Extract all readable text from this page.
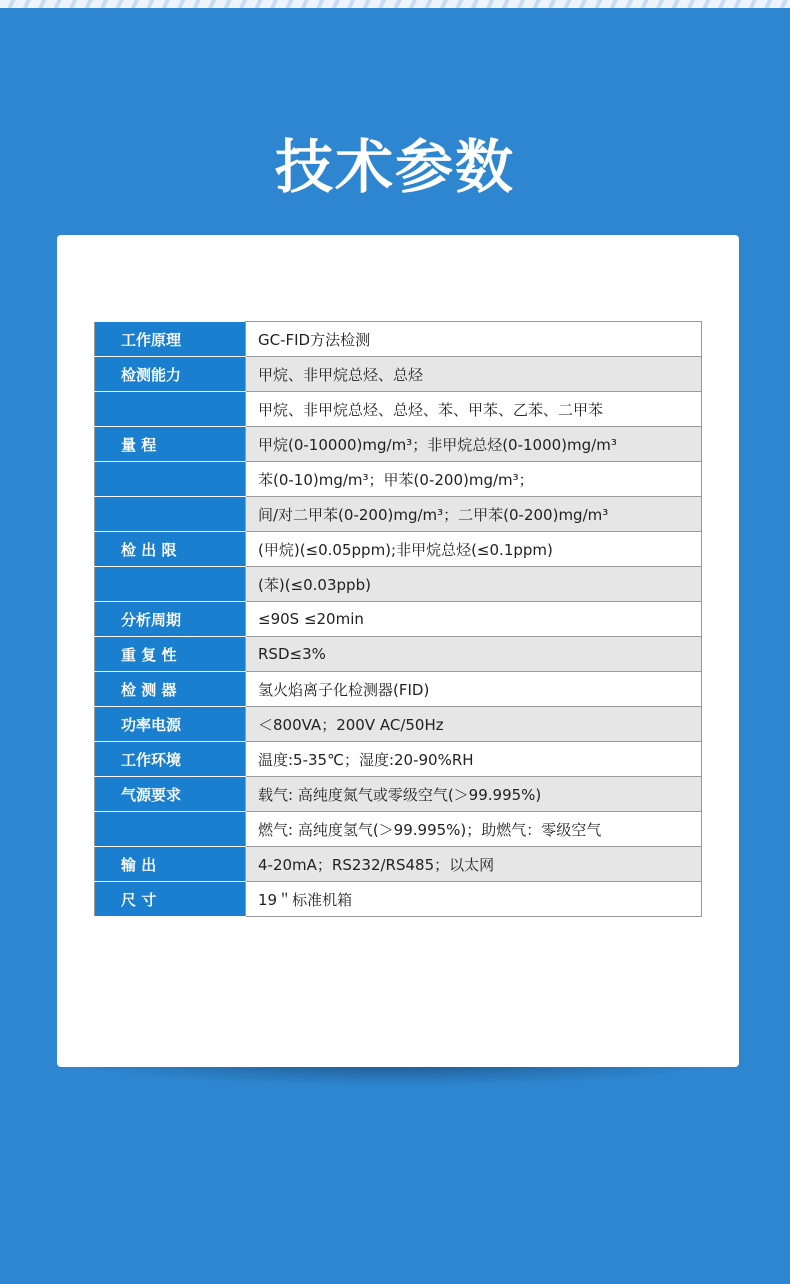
技术参数
工作原理	GC-FID方法检测
检测能力	甲烷、非甲烷总烃、总烃
	甲烷、非甲烷总烃、总烃、苯、甲苯、乙苯、二甲苯
量 程	甲烷(0-10000)mg/m³；非甲烷总烃(0-1000)mg/m³
	苯(0-10)mg/m³；甲苯(0-200)mg/m³；
	间/对二甲苯(0-200)mg/m³；二甲苯(0-200)mg/m³
检 出 限	(甲烷)(≤0.05ppm);非甲烷总烃(≤0.1ppm)
	(苯)(≤0.03ppb)
分析周期	≤90S ≤20min
重 复 性	RSD≤3%
检 测 器	氢火焰离子化检测器(FID)
功率电源	＜800VA；200V AC/50Hz
工作环境	温度:5-35℃；湿度:20-90%RH
气源要求	载气: 高纯度氮气或零级空气(＞99.995%)
	燃气: 高纯度氢气(＞99.995%)；助燃气：零级空气
输 出	4-20mA；RS232/RS485；以太网
尺 寸	19＂标准机箱
